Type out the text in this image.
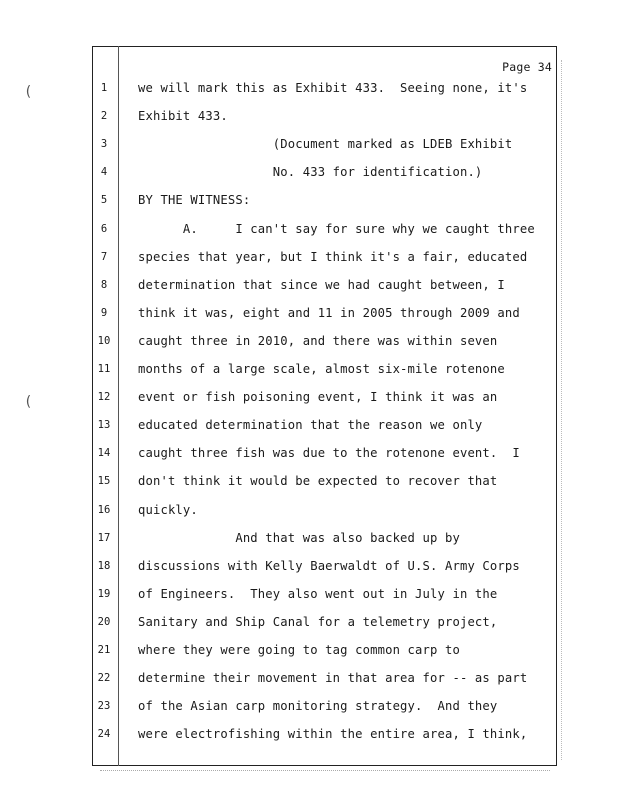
(
(
Page 34
1	we will mark this as Exhibit 433.  Seeing none, it's
2	Exhibit 433.
3	(Document marked as LDEB Exhibit
4	No. 433 for identification.)
5	BY THE WITNESS:
6	A.     I can't say for sure why we caught three
7	species that year, but I think it's a fair, educated
8	determination that since we had caught between, I
9	think it was, eight and 11 in 2005 through 2009 and
10 caught three in 2010, and there was within seven
11 months of a large scale, almost six-mile rotenone
12 event or fish poisoning event, I think it was an
13 educated determination that the reason we only
14 caught three fish was due to the rotenone event.  I
15 don't think it would be expected to recover that
16 quickly.
17 And that was also backed up by
18 discussions with Kelly Baerwaldt of U.S. Army Corps
19 of Engineers.  They also went out in July in the
20 Sanitary and Ship Canal for a telemetry project,
21 where they were going to tag common carp to
22 determine their movement in that area for -- as part
23 of the Asian carp monitoring strategy.  And they
24 were electrofishing within the entire area, I think,
